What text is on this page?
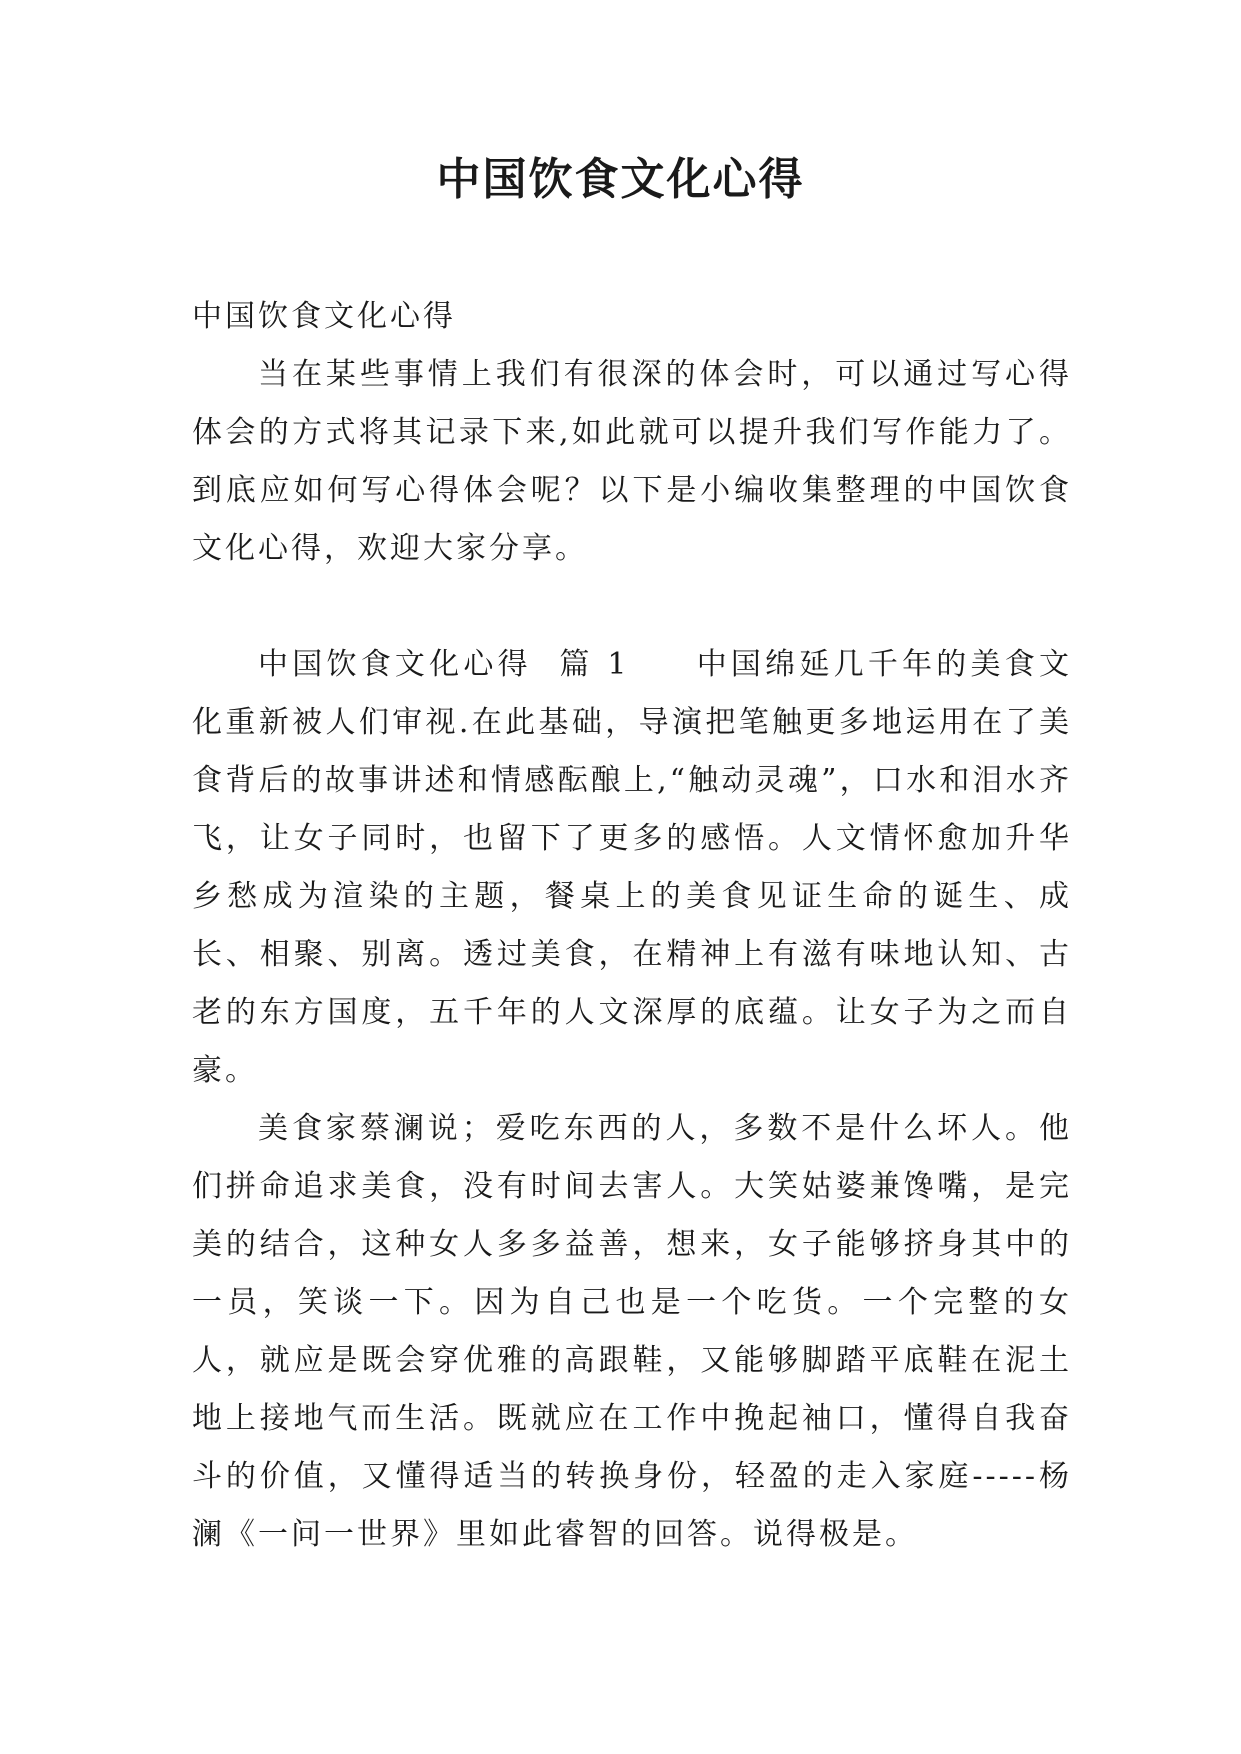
中国饮食文化心得

中国饮食文化心得

当在某些事情上我们有很深的体会时，可以通过写心得体会的方式将其记录下来,如此就可以提升我们写作能力了。到底应如何写心得体会呢？以下是小编收集整理的中国饮食文化心得，欢迎大家分享。

中国饮食文化心得  篇 1 中国绵延几千年的美食文化重新被人们审视.在此基础，导演把笔触更多地运用在了美食背后的故事讲述和情感酝酿上,“触动灵魂”，口水和泪水齐飞，让女子同时，也留下了更多的感悟。人文情怀愈加升华乡愁成为渲染的主题，餐桌上的美食见证生命的诞生、成长、相聚、别离。透过美食，在精神上有滋有味地认知、古老的东方国度，五千年的人文深厚的底蕴。让女子为之而自豪。

美食家蔡澜说；爱吃东西的人，多数不是什么坏人。他们拼命追求美食，没有时间去害人。大笑姑婆兼馋嘴，是完美的结合，这种女人多多益善，想来，女子能够挤身其中的一员，笑谈一下。因为自己也是一个吃货。一个完整的女人，就应是既会穿优雅的高跟鞋，又能够脚踏平底鞋在泥土地上接地气而生活。既就应在工作中挽起袖口，懂得自我奋斗的价值，又懂得适当的转换身份，轻盈的走入家庭-----杨澜《一问一世界》里如此睿智的回答。说得极是。
